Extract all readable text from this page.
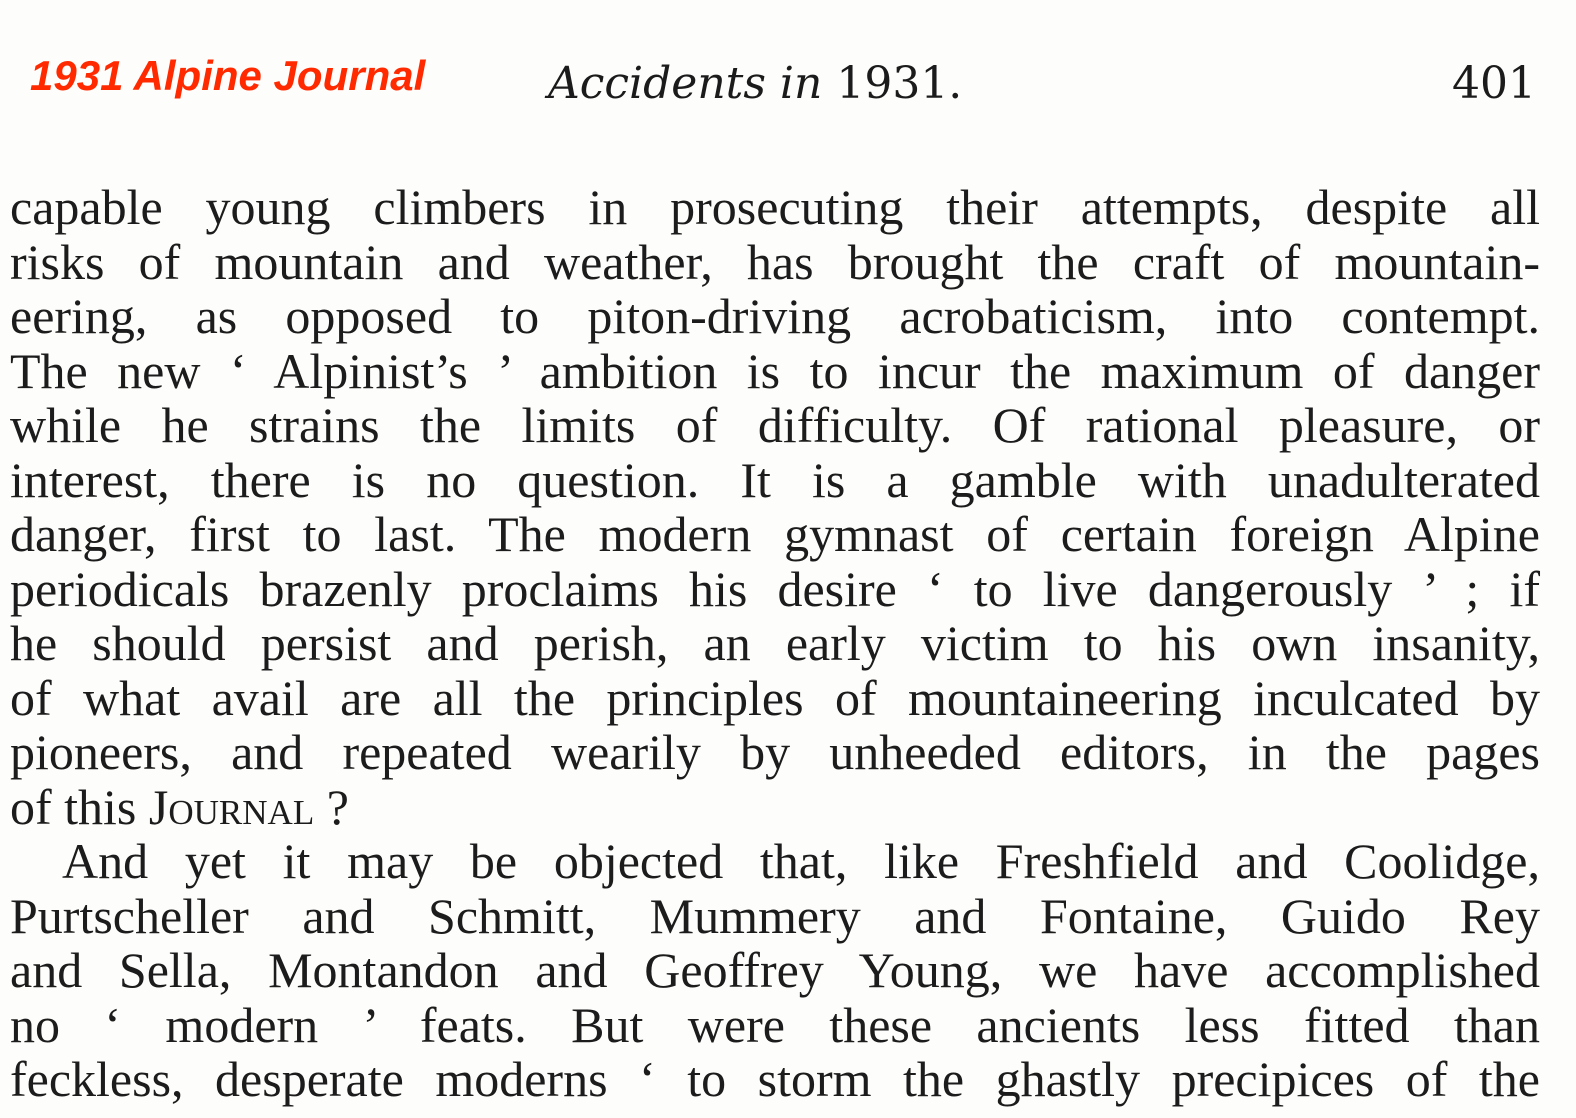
1931 Alpine Journal	Accidents in 1931.	401
capable young climbers in prosecuting their attempts, despite all
risks of mountain and weather, has brought the craft of mountain-
eering, as opposed to piton-driving acrobaticism, into contempt.
The new ‘ Alpinist’s ’ ambition is to incur the maximum of danger
while he strains the limits of difficulty. Of rational pleasure, or
interest, there is no question. It is a gamble with unadulterated
danger, first to last. The modern gymnast of certain foreign Alpine
periodicals brazenly proclaims his desire ‘ to live dangerously ’ ; if
he should persist and perish, an early victim to his own insanity,
of what avail are all the principles of mountaineering inculcated by
pioneers, and repeated wearily by unheeded editors, in the pages
of this Journal ?
And yet it may be objected that, like Freshfield and Coolidge,
Purtscheller and Schmitt, Mummery and Fontaine, Guido Rey
and Sella, Montandon and Geoffrey Young, we have accomplished
no ‘ modern ’ feats. But were these ancients less fitted than
feckless, desperate moderns ‘ to storm the ghastly precipices of the
